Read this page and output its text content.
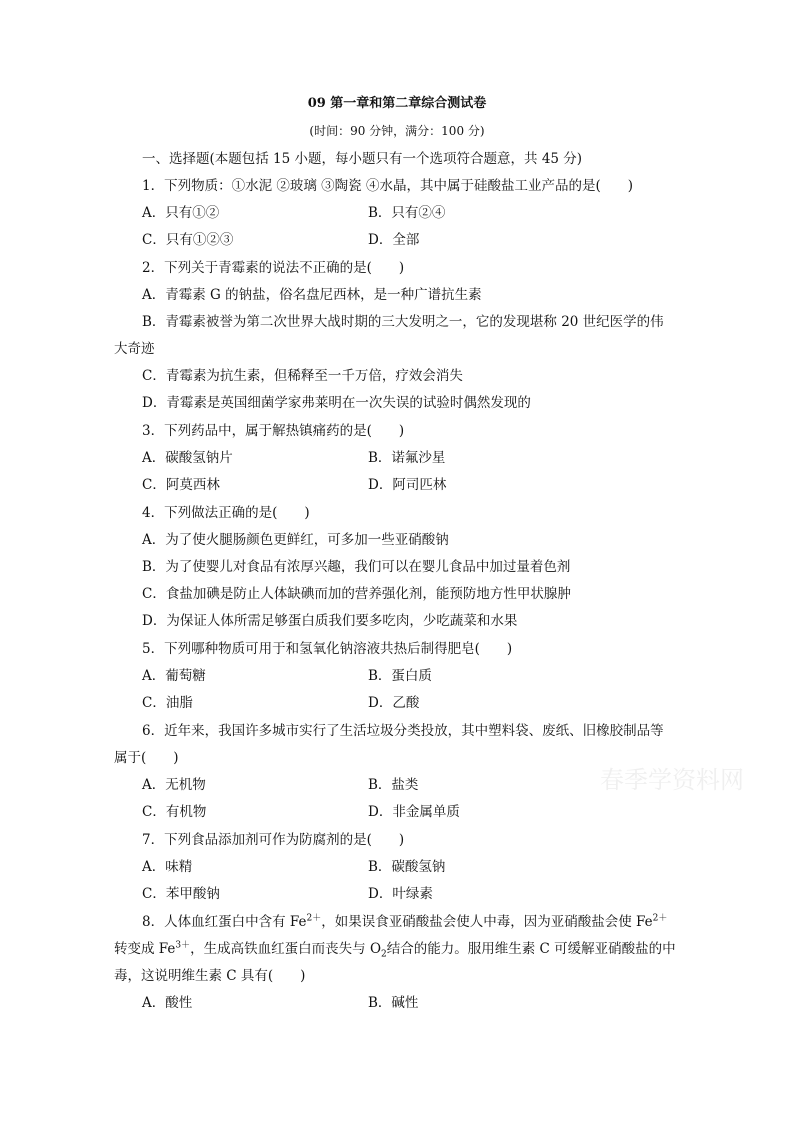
09 第一章和第二章综合测试卷
(时间：90 分钟，满分：100 分)
一、选择题(本题包括 15 小题，每小题只有一个选项符合题意，共 45 分)
1．下列物质：①水泥 ②玻璃 ③陶瓷 ④水晶，其中属于硅酸盐工业产品的是(　　)
A．只有①②	B．只有②④
C．只有①②③	D．全部
2．下列关于青霉素的说法不正确的是(　　)
A．青霉素 G 的钠盐，俗名盘尼西林，是一种广谱抗生素
B．青霉素被誉为第二次世界大战时期的三大发明之一，它的发现堪称 20 世纪医学的伟
大奇迹
C．青霉素为抗生素，但稀释至一千万倍，疗效会消失
D．青霉素是英国细菌学家弗莱明在一次失误的试验时偶然发现的
3．下列药品中，属于解热镇痛药的是(　　)
A．碳酸氢钠片	B．诺氟沙星
C．阿莫西林	D．阿司匹林
4．下列做法正确的是(　　)
A．为了使火腿肠颜色更鲜红，可多加一些亚硝酸钠
B．为了使婴儿对食品有浓厚兴趣，我们可以在婴儿食品中加过量着色剂
C．食盐加碘是防止人体缺碘而加的营养强化剂，能预防地方性甲状腺肿
D．为保证人体所需足够蛋白质我们要多吃肉，少吃蔬菜和水果
5．下列哪种物质可用于和氢氧化钠溶液共热后制得肥皂(　　)
A．葡萄糖	B．蛋白质
C．油脂	D．乙酸
6．近年来，我国许多城市实行了生活垃圾分类投放，其中塑料袋、废纸、旧橡胶制品等
属于(　　)
A．无机物	B．盐类
C．有机物	D．非金属单质
7．下列食品添加剂可作为防腐剂的是(　　)
A．味精	B．碳酸氢钠
C．苯甲酸钠	D．叶绿素
8．人体血红蛋白中含有 $Fe^{2+}$，如果误食亚硝酸盐会使人中毒，因为亚硝酸盐会使 $Fe^{2+}$
转变成 $Fe^{3+}$，生成高铁血红蛋白而丧失与 $O_2$结合的能力。服用维生素 C 可缓解亚硝酸盐的中
毒，这说明维生素 C 具有(　　)
A．酸性	B．碱性
春季学资料网
